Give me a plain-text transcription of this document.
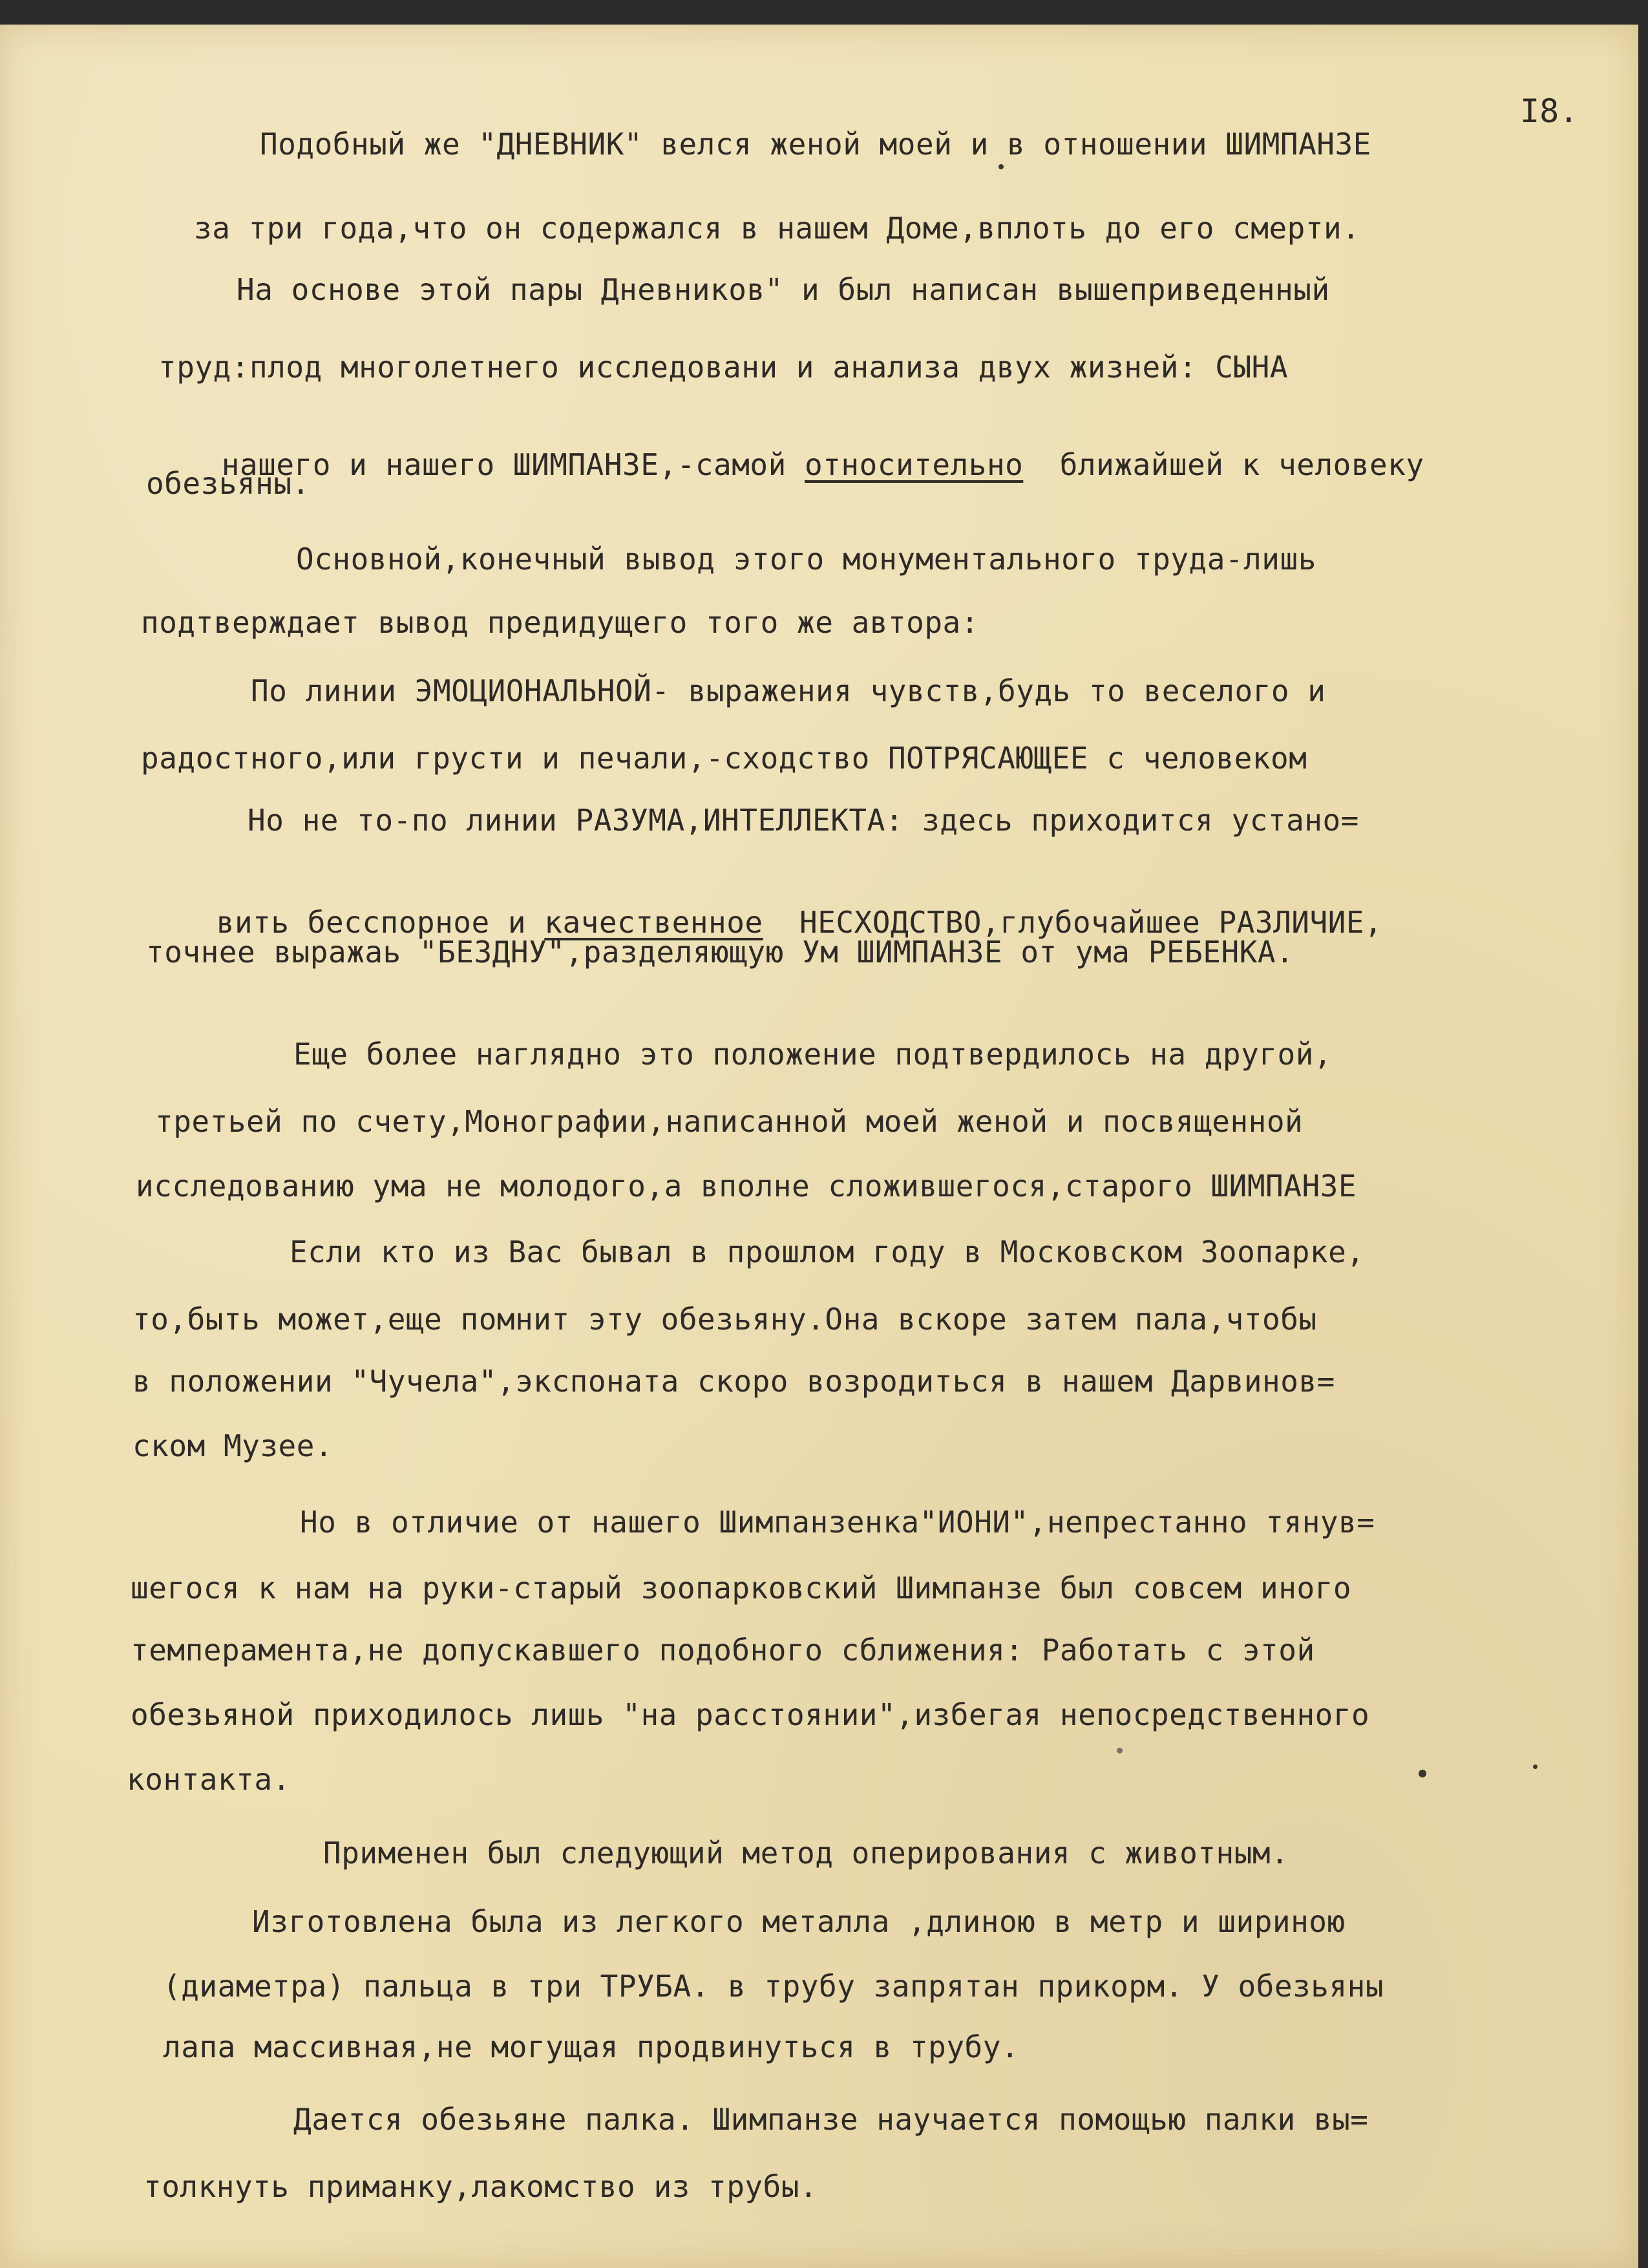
I8.
Подобный же "ДНЕВНИК" велся женой моей и в отношении ШИМПАНЗЕ
за три года,что он содержался в нашем Доме,вплоть до его смерти.
На основе этой пары Дневников" и был написан вышеприведенный
труд:плод многолетнего исследовани и анализа двух жизней: СЫНА

нашего и нашего ШИМПАНЗЕ,-самой относительно  ближайшей к человеку

обезьяны.
Основной,конечный вывод этого монументального труда-лишь
подтверждает вывод предидущего того же автора:
По линии ЭМОЦИОНАЛЬНОЙ- выражения чувств,будь то веселого и
радостного,или грусти и печали,-сходство ПОТРЯСАЮЩЕЕ с человеком
Но не то-по линии РАЗУМА,ИНТЕЛЛЕКТА: здесь приходится устано=

вить бесспорное и качественное  НЕСХОДСТВО,глубочайшее РАЗЛИЧИЕ,

точнее выражаь "БЕЗДНУ",разделяющую Ум ШИМПАНЗЕ от ума РЕБЕНКА.
Еще более наглядно это положение подтвердилось на другой,
третьей по счету,Монографии,написанной моей женой и посвященной
исследованию ума не молодого,а вполне сложившегося,старого ШИМПАНЗЕ
Если кто из Вас бывал в прошлом году в Московском Зоопарке,
то,быть может,еще помнит эту обезьяну.Она вскоре затем пала,чтобы
в положении "Чучела",экспоната скоро возродиться в нашем Дарвинов=
ском Музее.
Но в отличие от нашего Шимпанзенка"ИОНИ",непрестанно тянув=
шегося к нам на руки-старый зоопарковский Шимпанзе был совсем иного
темперамента,не допускавшего подобного сближения: Работать с этой
обезьяной приходилось лишь "на расстоянии",избегая непосредственного
контакта.
Применен был следующий метод оперирования с животным.
Изготовлена была из легкого металла ,длиною в метр и шириною
(диаметра) пальца в три ТРУБА. в трубу запрятан прикорм. У обезьяны
лапа массивная,не могущая продвинуться в трубу.
Дается обезьяне палка. Шимпанзе научается помощью палки вы=
толкнуть приманку,лакомство из трубы.
